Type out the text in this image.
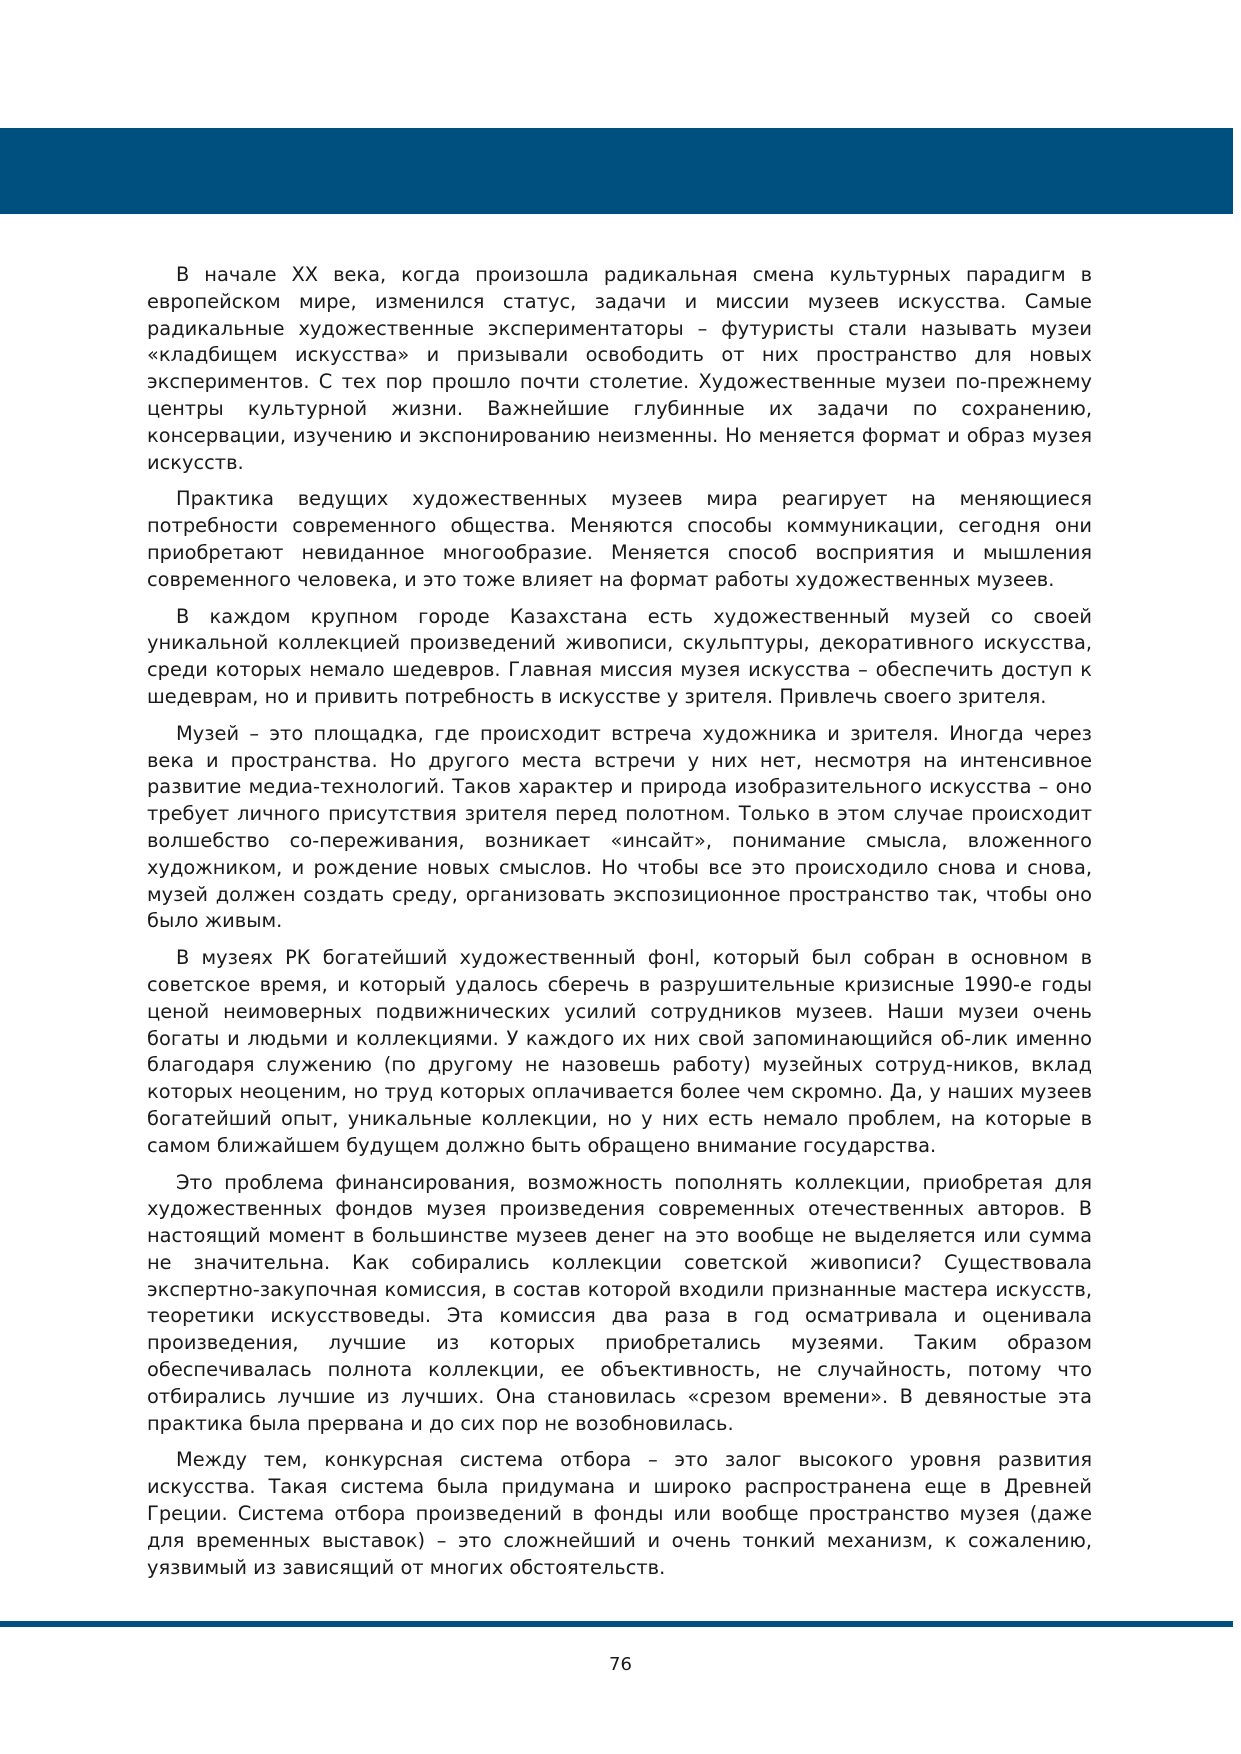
В начале XX века, когда произошла радикальная смена культурных парадигм в европейском мире, изменился статус, задачи и миссии музеев искусства. Самые радикальные художественные экспериментаторы – футуристы стали называть музеи «кладбищем искусства» и призывали освободить от них пространство для новых экспериментов. С тех пор прошло почти столетие. Художественные музеи по-прежнему центры культурной жизни. Важнейшие глубинные их задачи по сохранению, консервации, изучению и экспонированию неизменны. Но меняется формат и образ музея искусств.

Практика ведущих художественных музеев мира реагирует на меняющиеся потребности современного общества. Меняются способы коммуникации, сегодня они приобретают невиданное многообразие. Меняется способ восприятия и мышления современного человека, и это тоже влияет на формат работы художественных музеев.

В каждом крупном городе Казахстана есть художественный музей со своей уникальной коллекцией произведений живописи, скульптуры, декоративного искусства, среди которых немало шедевров. Главная миссия музея искусства – обеспечить доступ к шедеврам, но и привить потребность в искусстве у зрителя. Привлечь своего зрителя.

Музей – это площадка, где происходит встреча художника и зрителя. Иногда через века и пространства. Но другого места встречи у них нет, несмотря на интенсивное развитие медиа-технологий. Таков характер и природа изобразительного искусства – оно требует личного присутствия зрителя перед полотном. Только в этом случае происходит волшебство со-переживания, возникает «инсайт», понимание смысла, вложенного художником, и рождение новых смыслов. Но чтобы все это происходило снова и снова, музей должен создать среду, организовать экспозиционное пространство так, чтобы оно было живым.

В музеях РК богатейший художественный фонl, который был собран в основном в советское время, и который удалось сберечь в разрушительные кризисные 1990-е годы ценой неимоверных подвижнических усилий сотрудников музеев. Наши музеи очень богаты и людьми и коллекциями. У каждого их них свой запоминающийся об-лик именно благодаря служению (по другому не назовешь работу) музейных сотруд-ников, вклад которых неоценим, но труд которых оплачивается более чем скромно. Да, у наших музеев богатейший опыт, уникальные коллекции, но у них есть немало проблем, на которые в самом ближайшем будущем должно быть обращено внимание государства.

Это проблема финансирования, возможность пополнять коллекции, приобретая для художественных фондов музея произведения современных отечественных авторов. В настоящий момент в большинстве музеев денег на это вообще не выделяется или сумма не значительна. Как собирались коллекции советской живописи? Существовала экспертно-закупочная комиссия, в состав которой входили признанные мастера искусств, теоретики искусствоведы. Эта комиссия два раза в год осматривала и оценивала произведения, лучшие из которых приобретались музеями. Таким образом обеспечивалась полнота коллекции, ее объективность, не случайность, потому что отбирались лучшие из лучших. Она становилась «срезом времени». В девяностые эта практика была прервана и до сих пор не возобновилась.

Между тем, конкурсная система отбора – это залог высокого уровня развития искусства. Такая система была придумана и широко распространена еще в Древней Греции. Система отбора произведений в фонды или вообще пространство музея (даже для временных выставок) – это сложнейший и очень тонкий механизм, к сожалению, уязвимый из зависящий от многих обстоятельств.

76
